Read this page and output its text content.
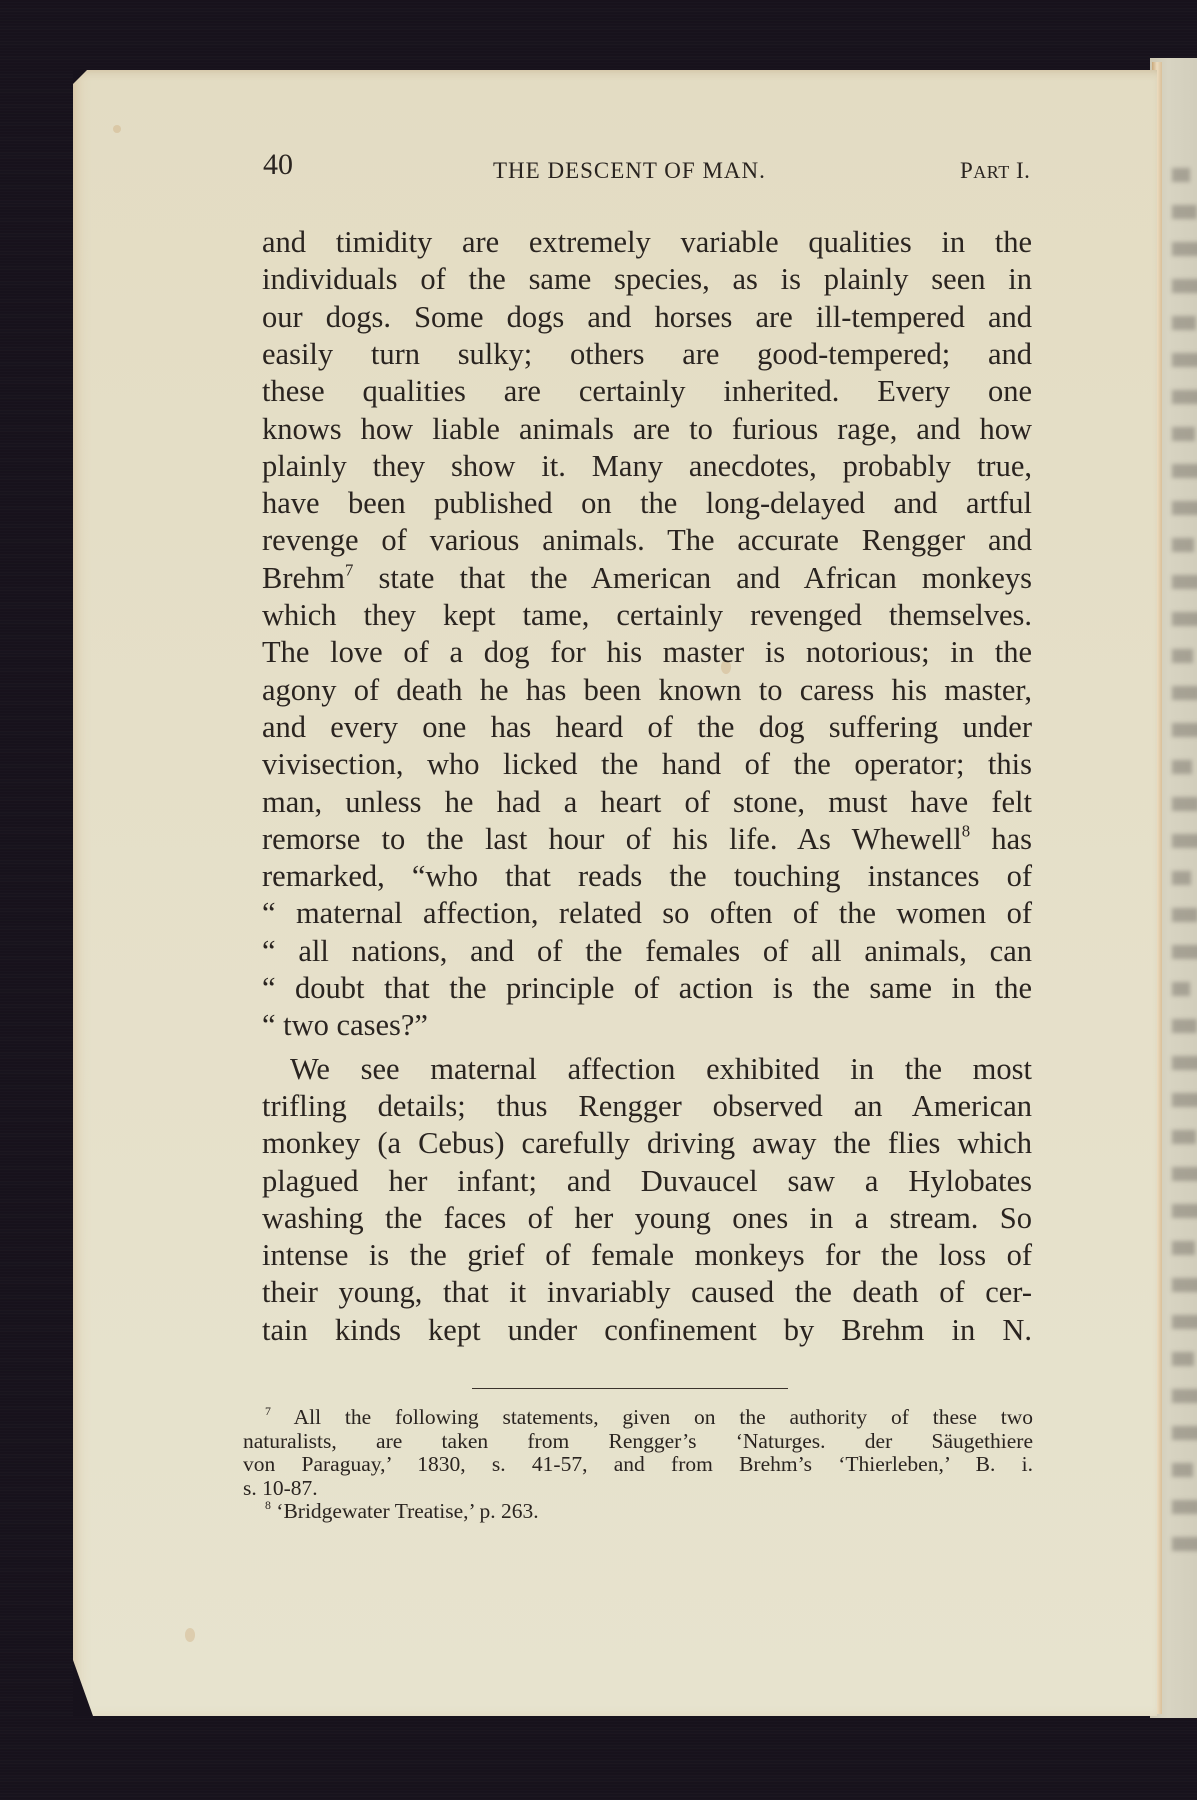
40	THE DESCENT OF MAN.	PART I.
and timidity are extremely variable qualities in the
individuals of the same species, as is plainly seen in
our dogs. Some dogs and horses are ill-tempered and
easily turn sulky; others are good-tempered; and
these qualities are certainly inherited. Every one
knows how liable animals are to furious rage, and how
plainly they show it. Many anecdotes, probably true,
have been published on the long-delayed and artful
revenge of various animals. The accurate Rengger and
Brehm$^7$ state that the American and African monkeys
which they kept tame, certainly revenged themselves.
The love of a dog for his master is notorious; in the
agony of death he has been known to caress his master,
and every one has heard of the dog suffering under
vivisection, who licked the hand of the operator; this
man, unless he had a heart of stone, must have felt
remorse to the last hour of his life. As Whewell$^8$ has
remarked, “who that reads the touching instances of
“ maternal affection, related so often of the women of
“ all nations, and of the females of all animals, can
“ doubt that the principle of action is the same in the
“ two cases?”
We see maternal affection exhibited in the most
trifling details; thus Rengger observed an American
monkey (a Cebus) carefully driving away the flies which
plagued her infant; and Duvaucel saw a Hylobates
washing the faces of her young ones in a stream. So
intense is the grief of female monkeys for the loss of
their young, that it invariably caused the death of cer-
tain kinds kept under confinement by Brehm in N.
$^7$ All the following statements, given on the authority of these two
naturalists, are taken from Rengger’s ‘Naturges. der Säugethiere
von Paraguay,’ 1830, s. 41-57, and from Brehm’s ‘Thierleben,’ B. i.
s. 10-87.
$^8$ ‘Bridgewater Treatise,’ p. 263.
